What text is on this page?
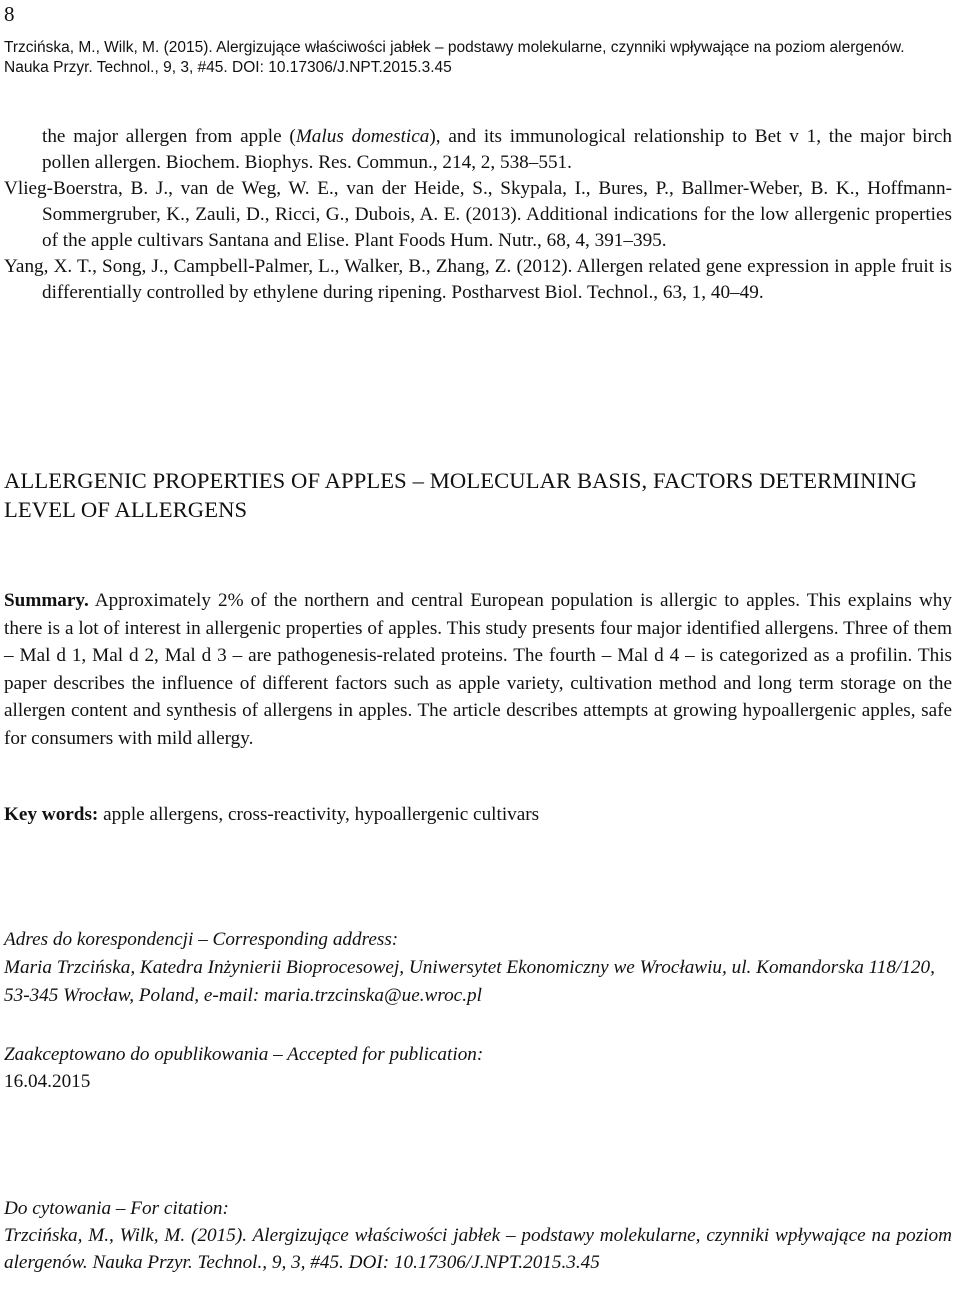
8
Trzcińska, M., Wilk, M. (2015). Alergizujące właściwości jabłek – podstawy molekularne, czynniki wpływające na poziom alergenów. Nauka Przyr. Technol., 9, 3, #45. DOI: 10.17306/J.NPT.2015.3.45

the major allergen from apple (Malus domestica), and its immunological relationship to Bet v 1, the major birch pollen allergen. Biochem. Biophys. Res. Commun., 214, 2, 538–551.

Vlieg-Boerstra, B. J., van de Weg, W. E., van der Heide, S., Skypala, I., Bures, P., Ballmer-Weber, B. K., Hoffmann-Sommergruber, K., Zauli, D., Ricci, G., Dubois, A. E. (2013). Additional indications for the low allergenic properties of the apple cultivars Santana and Elise. Plant Foods Hum. Nutr., 68, 4, 391–395.

Yang, X. T., Song, J., Campbell-Palmer, L., Walker, B., Zhang, Z. (2012). Allergen related gene expression in apple fruit is differentially controlled by ethylene during ripening. Postharvest Biol. Technol., 63, 1, 40–49.

ALLERGENIC PROPERTIES OF APPLES – MOLECULAR BASIS, FACTORS DETERMINING LEVEL OF ALLERGENS

Summary. Approximately 2% of the northern and central European population is allergic to apples. This explains why there is a lot of interest in allergenic properties of apples. This study presents four major identified allergens. Three of them – Mal d 1, Mal d 2, Mal d 3 – are pathogenesis-related proteins. The fourth – Mal d 4 – is categorized as a profilin. This paper describes the influence of different factors such as apple variety, cultivation method and long term storage on the allergen content and synthesis of allergens in apples. The article describes attempts at growing hypoallergenic apples, safe for consumers with mild allergy.

Key words: apple allergens, cross-reactivity, hypoallergenic cultivars

Adres do korespondencji – Corresponding address:
Maria Trzcińska, Katedra Inżynierii Bioprocesowej, Uniwersytet Ekonomiczny we Wrocławiu, ul. Komandorska 118/120, 53-345 Wrocław, Poland, e-mail: maria.trzcinska@ue.wroc.pl
Zaakceptowano do opublikowania – Accepted for publication:
16.04.2015
Do cytowania – For citation:
Trzcińska, M., Wilk, M. (2015). Alergizujące właściwości jabłek – podstawy molekularne, czynniki wpływające na poziom alergenów. Nauka Przyr. Technol., 9, 3, #45. DOI: 10.17306/J.NPT.2015.3.45
